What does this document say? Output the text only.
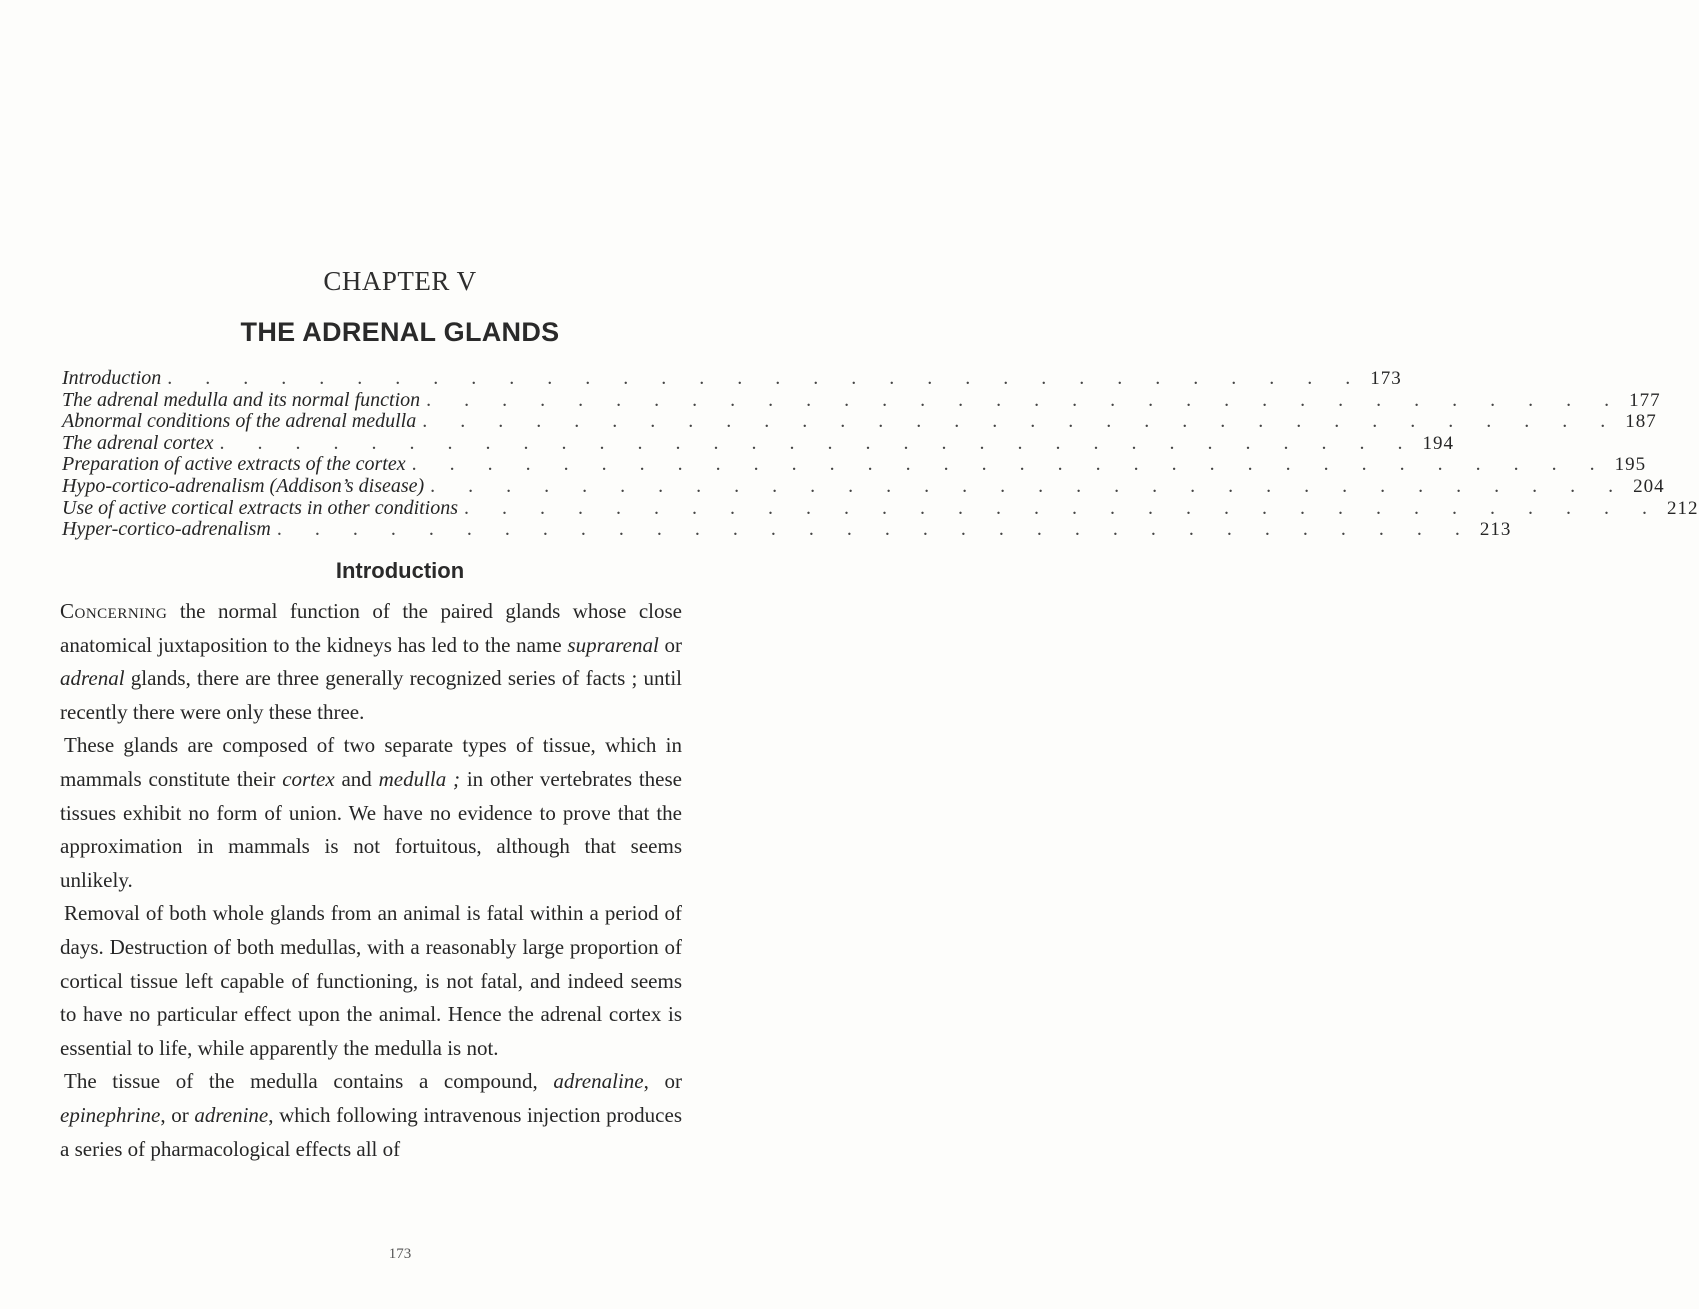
CHAPTER V
THE ADRENAL GLANDS
Introduction . . . . . . . . . . . . . . . . . . . . . . . . . . . . . . . . 173
The adrenal medulla and its normal function . . . . . . . . . . . . . . . . . . . . . . . . . . . . . . . . 177
Abnormal conditions of the adrenal medulla . . . . . . . . . . . . . . . . . . . . . . . . . . . . . . . . 187
The adrenal cortex . . . . . . . . . . . . . . . . . . . . . . . . . . . . . . . . 194
Preparation of active extracts of the cortex . . . . . . . . . . . . . . . . . . . . . . . . . . . . . . . . 195
Hypo-cortico-adrenalism (Addison’s disease) . . . . . . . . . . . . . . . . . . . . . . . . . . . . . . . . 204
Use of active cortical extracts in other conditions . . . . . . . . . . . . . . . . . . . . . . . . . . . . . . . . 212
Hyper-cortico-adrenalism . . . . . . . . . . . . . . . . . . . . . . . . . . . . . . . . 213
Introduction

Concerning the normal function of the paired glands whose close anatomical juxtaposition to the kidneys has led to the name suprarenal or adrenal glands, there are three generally recognized series of facts ; until recently there were only these three.

These glands are composed of two separate types of tissue, which in mammals constitute their cortex and medulla ; in other vertebrates these tissues exhibit no form of union. We have no evidence to prove that the approximation in mammals is not fortuitous, although that seems unlikely.

Removal of both whole glands from an animal is fatal within a period of days. Destruction of both medullas, with a reasonably large proportion of cortical tissue left capable of functioning, is not fatal, and indeed seems to have no particular effect upon the animal. Hence the adrenal cortex is essential to life, while apparently the medulla is not.

The tissue of the medulla contains a compound, adrenaline, or epinephrine, or adrenine, which following intravenous injection produces a series of pharmacological effects all of

173
